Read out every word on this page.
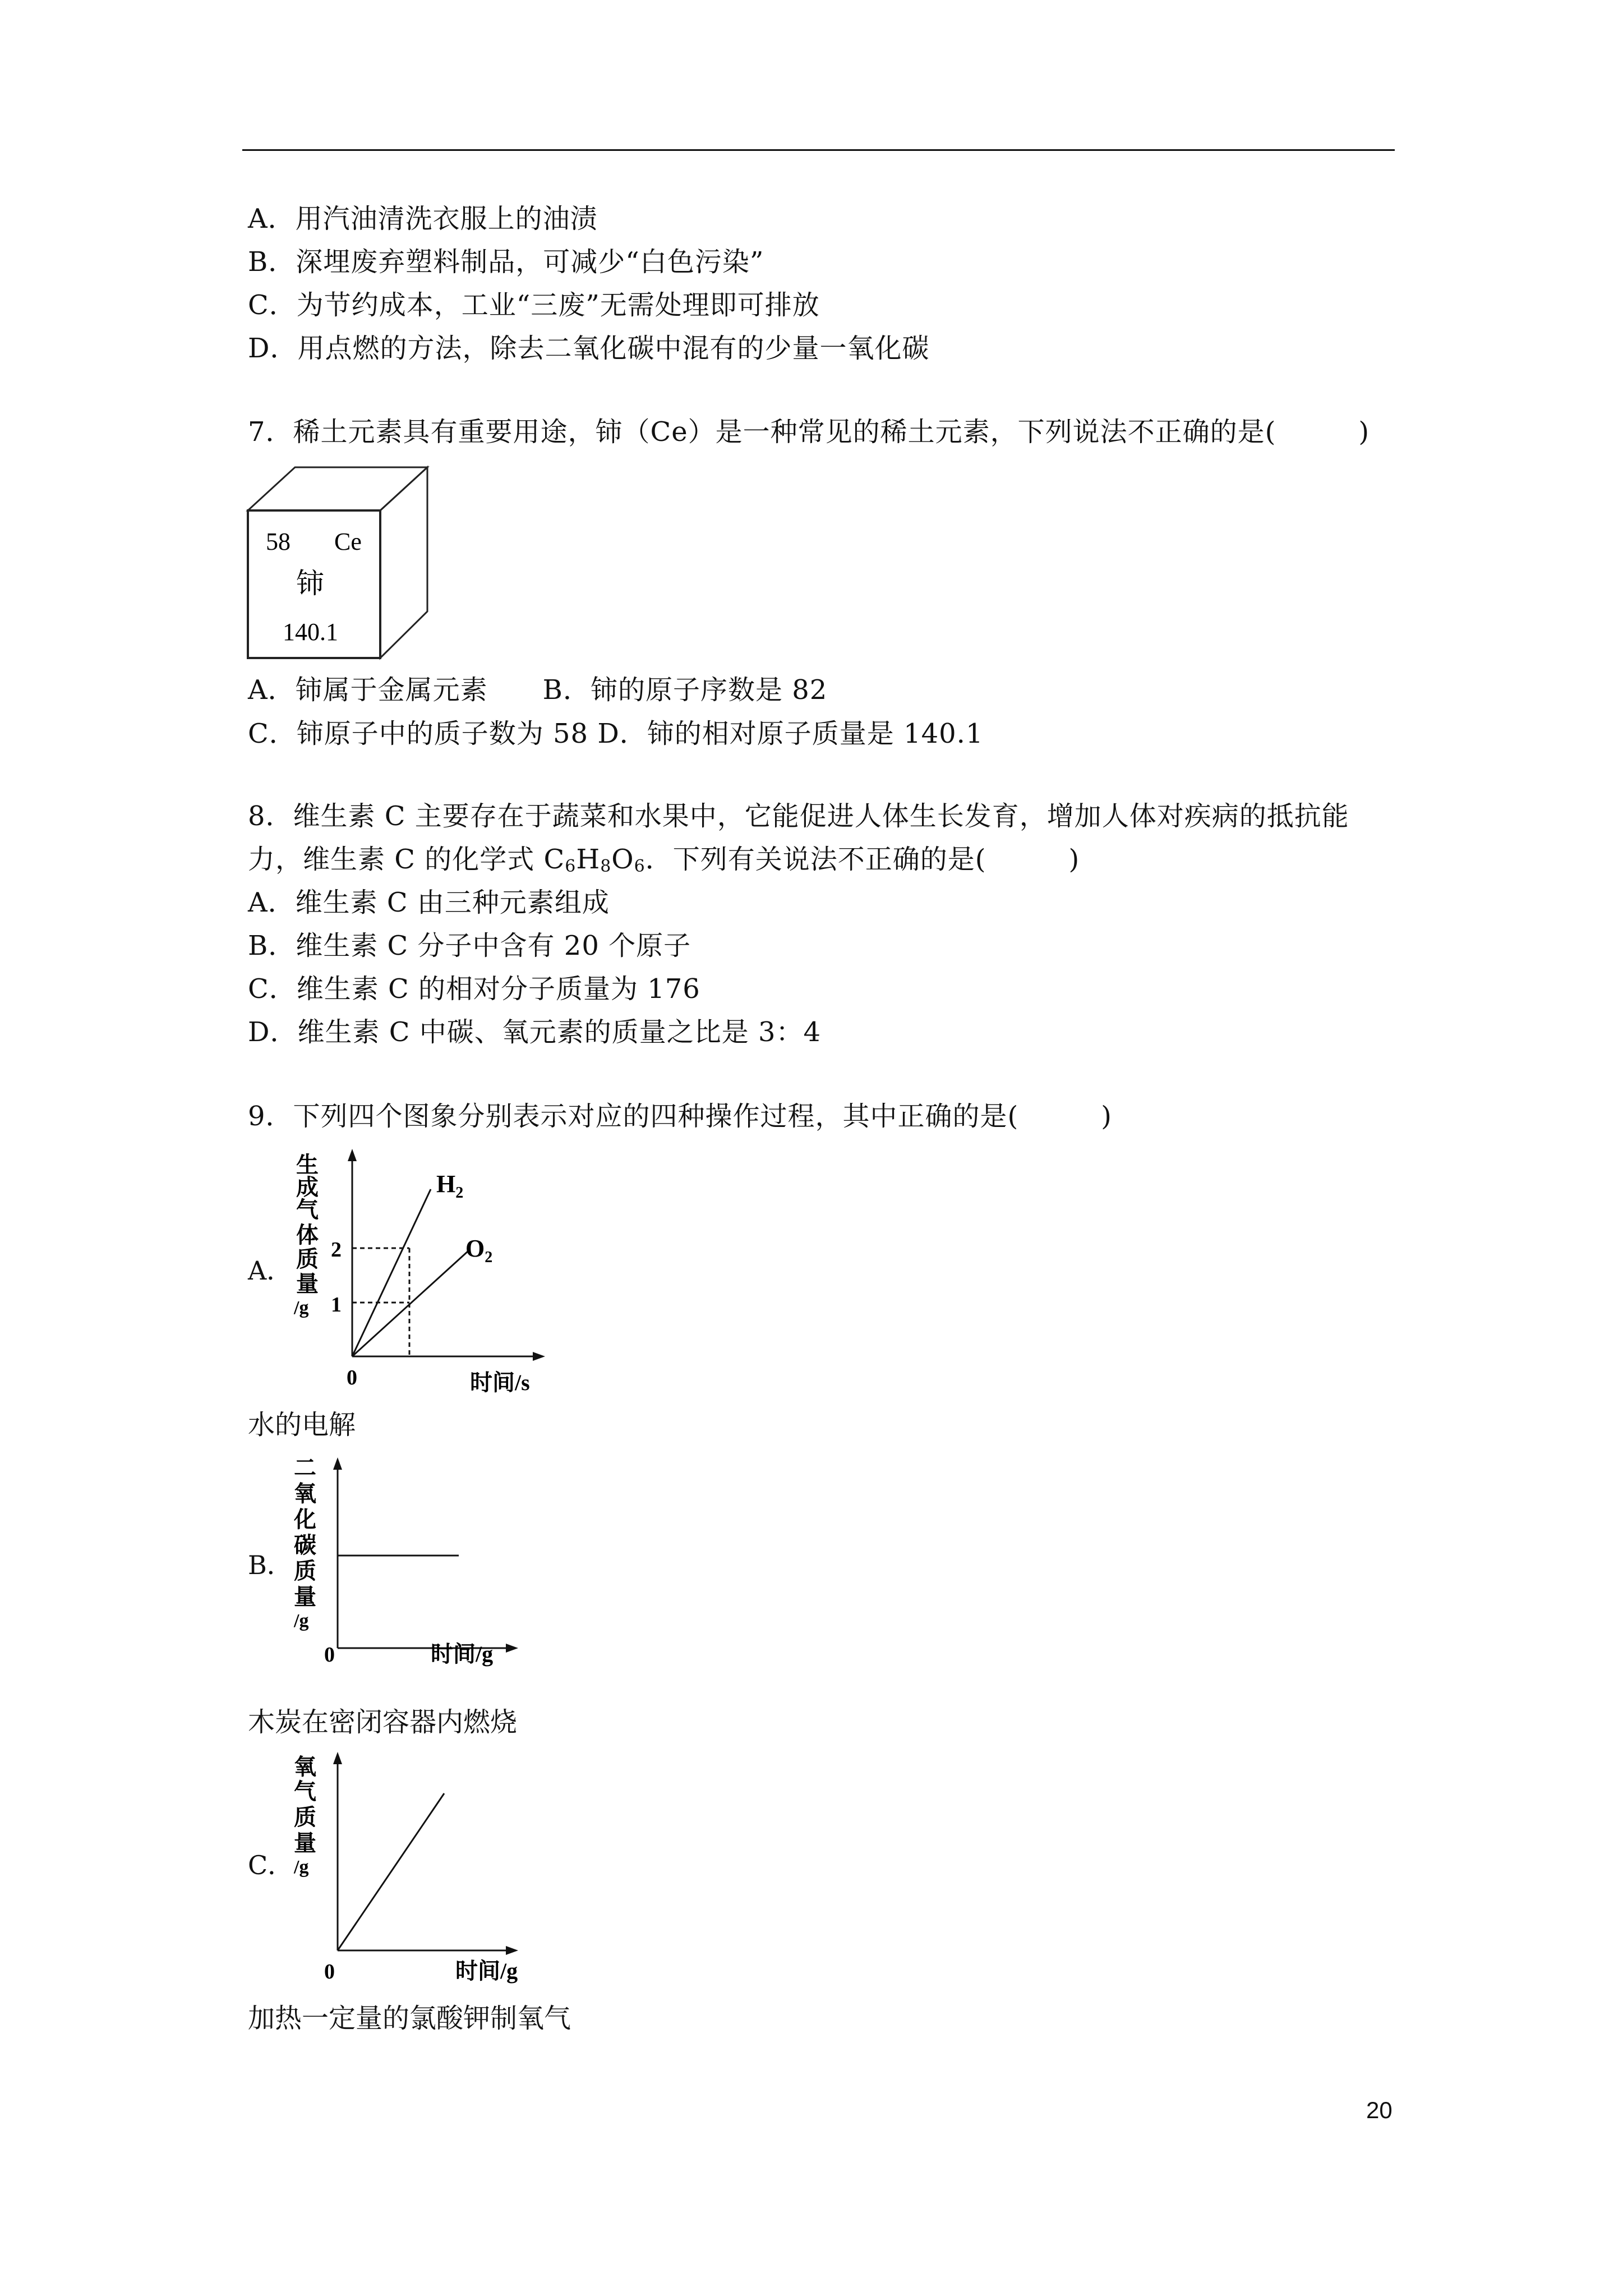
A．用汽油清洗衣服上的油渍
B．深埋废弃塑料制品，可减少“白色污染”
C．为节约成本，工业“三废”无需处理即可排放
D．用点燃的方法，除去二氧化碳中混有的少量一氧化碳
7．稀土元素具有重要用途，铈（Ce）是一种常见的稀土元素，下列说法不正确的是(　　　)
58 Ce
铈
140.1
A．铈属于金属元素　　B．铈的原子序数是 82
C．铈原子中的质子数为 58 D．铈的相对原子质量是 140.1
8．维生素 C 主要存在于蔬菜和水果中，它能促进人体生长发育，增加人体对疾病的抵抗能
力，维生素 C 的化学式 $C_6H_8O_6$．下列有关说法不正确的是(　　　)
A．维生素 C 由三种元素组成
B．维生素 C 分子中含有 20 个原子
C．维生素 C 的相对分子质量为 176
D．维生素 C 中碳、氧元素的质量之比是 3：4
9．下列四个图象分别表示对应的四种操作过程，其中正确的是(　　　)
A．
生
成
气
体
质
量
/g
2
1
0
$H_2$
$O_2$
时间/s
水的电解
B．
二
氧
化
碳
质
量
/g
0	时间/g
木炭在密闭容器内燃烧
C．
氧
气
质
量
/g
0	时间/g
加热一定量的氯酸钾制氧气
20
